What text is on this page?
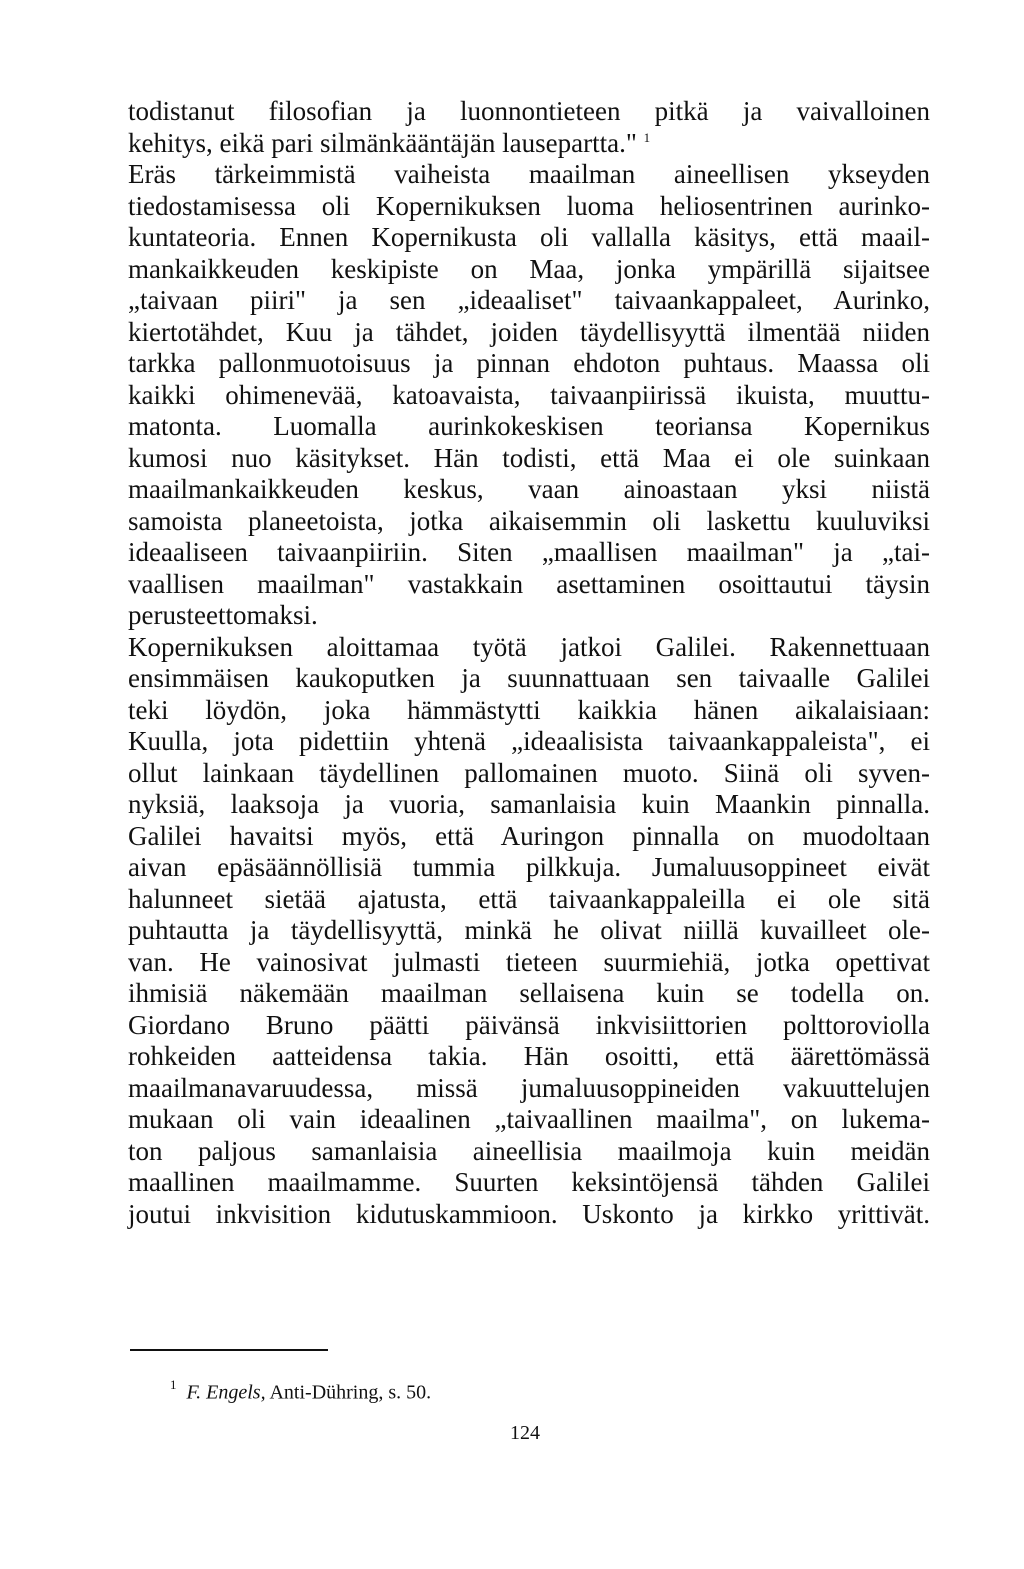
todistanut filosofian ja luonnontieteen pitkä ja vaivalloinen
kehitys, eikä pari silmänkääntäjän lausepartta." $^1$
Eräs tärkeimmistä vaiheista maailman aineellisen ykseyden
tiedostamisessa oli Kopernikuksen luoma heliosentrinen aurinko-
kuntateoria. Ennen Kopernikusta oli vallalla käsitys, että maail-
mankaikkeuden keskipiste on Maa, jonka ympärillä sijaitsee
„taivaan piiri" ja sen „ideaaliset" taivaankappaleet, Aurinko,
kiertotähdet, Kuu ja tähdet, joiden täydellisyyttä ilmentää niiden
tarkka pallonmuotoisuus ja pinnan ehdoton puhtaus. Maassa oli
kaikki ohimenevää, katoavaista, taivaanpiirissä ikuista, muuttu-
matonta. Luomalla aurinkokeskisen teoriansa Kopernikus
kumosi nuo käsitykset. Hän todisti, että Maa ei ole suinkaan
maailmankaikkeuden keskus, vaan ainoastaan yksi niistä
samoista planeetoista, jotka aikaisemmin oli laskettu kuuluviksi
ideaaliseen taivaanpiiriin. Siten „maallisen maailman" ja „tai-
vaallisen maailman" vastakkain asettaminen osoittautui täysin
perusteettomaksi.
Kopernikuksen aloittamaa työtä jatkoi Galilei. Rakennettuaan
ensimmäisen kaukoputken ja suunnattuaan sen taivaalle Galilei
teki löydön, joka hämmästytti kaikkia hänen aikalaisiaan:
Kuulla, jota pidettiin yhtenä „ideaalisista taivaankappaleista", ei
ollut lainkaan täydellinen pallomainen muoto. Siinä oli syven-
nyksiä, laaksoja ja vuoria, samanlaisia kuin Maankin pinnalla.
Galilei havaitsi myös, että Auringon pinnalla on muodoltaan
aivan epäsäännöllisiä tummia pilkkuja. Jumaluusoppineet eivät
halunneet sietää ajatusta, että taivaankappaleilla ei ole sitä
puhtautta ja täydellisyyttä, minkä he olivat niillä kuvailleet ole-
van. He vainosivat julmasti tieteen suurmiehiä, jotka opettivat
ihmisiä näkemään maailman sellaisena kuin se todella on.
Giordano Bruno päätti päivänsä inkvisiittorien polttoroviolla
rohkeiden aatteidensa takia. Hän osoitti, että äärettömässä
maailmanavaruudessa, missä jumaluusoppineiden vakuuttelujen
mukaan oli vain ideaalinen „taivaallinen maailma", on lukema-
ton paljous samanlaisia aineellisia maailmoja kuin meidän
maallinen maailmamme. Suurten keksintöjensä tähden Galilei
joutui inkvisition kidutuskammioon. Uskonto ja kirkko yrittivät.
$^1$ F. Engels, Anti-Dühring, s. 50.
124
